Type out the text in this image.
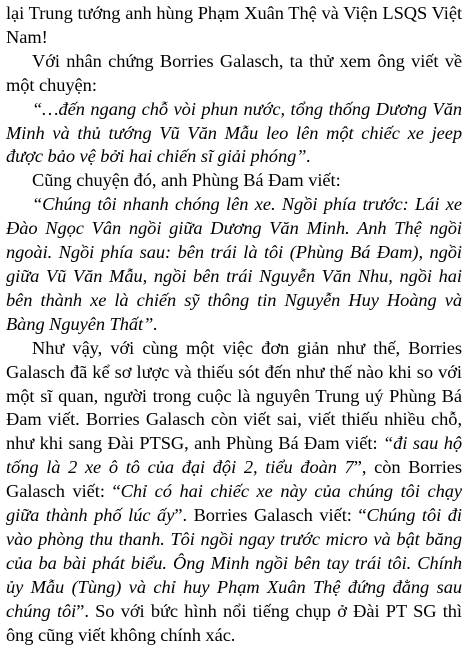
lại Trung tướng anh hùng Phạm Xuân Thệ và Viện LSQS Việt Nam!

Với nhân chứng Borries Galasch, ta thử xem ông viết về một chuyện:

“…đến ngang chỗ vòi phun nước, tổng thống Dương Văn Minh và thủ tướng Vũ Văn Mẫu leo lên một chiếc xe jeep được bảo vệ bởi hai chiến sĩ giải phóng”.

Cũng chuyện đó, anh Phùng Bá Đam viết:

“Chúng tôi nhanh chóng lên xe. Ngồi phía trước: Lái xe Đào Ngọc Vân ngồi giữa Dương Văn Minh. Anh Thệ ngồi ngoài. Ngồi phía sau: bên trái là tôi (Phùng Bá Đam), ngồi giữa Vũ Văn Mẫu, ngồi bên trái Nguyễn Văn Nhu, ngồi hai bên thành xe là chiến sỹ thông tin Nguyễn Huy Hoàng và Bàng Nguyên Thất”.

Như vậy, với cùng một việc đơn giản như thế, Borries Galasch đã kể sơ lược và thiếu sót đến như thế nào khi so với một sĩ quan, người trong cuộc là nguyên Trung uý Phùng Bá Đam viết. Borries Galasch còn viết sai, viết thiếu nhiều chỗ, như khi sang Đài PTSG, anh Phùng Bá Đam viết: “đi sau hộ tống là 2 xe ô tô của đại đội 2, tiểu đoàn 7”, còn Borries Galasch viết: “Chỉ có hai chiếc xe này của chúng tôi chạy giữa thành phố lúc ấy”. Borries Galasch viết: “Chúng tôi đi vào phòng thu thanh. Tôi ngồi ngay trước micro và bật băng của ba bài phát biểu. Ông Minh ngồi bên tay trái tôi. Chính ủy Mẫu (Tùng) và chỉ huy Phạm Xuân Thệ đứng đằng sau chúng tôi”. So với bức hình nổi tiếng chụp ở Đài PT SG thì ông cũng viết không chính xác.
